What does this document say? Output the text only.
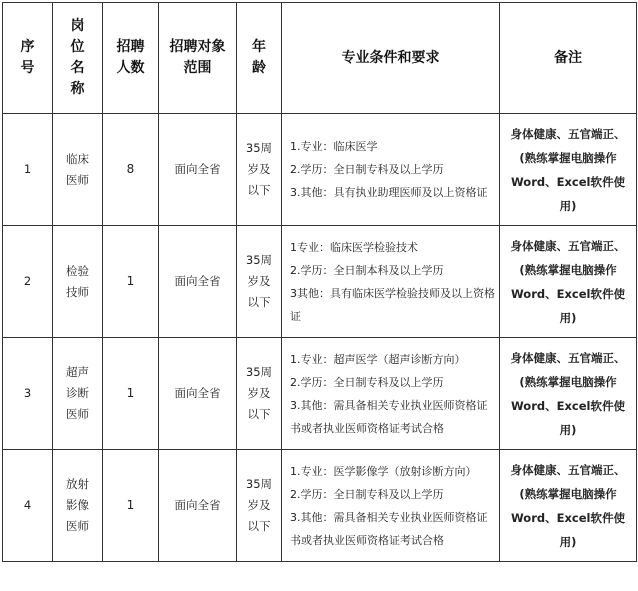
序号	岗位名称	招聘人数	招聘对象范围	年龄	专业条件和要求	备注
1	临床医师	8	面向全省	35周岁及以下	1.专业：临床医学
2.学历：全日制专科及以上学历
3.其他：具有执业助理医师及以上资格证	身体健康、五官端正、(熟练掌握电脑操作Word、Excel软件使用)
2	检验技师	1	面向全省	35周岁及以下	1专业：临床医学检验技术
2.学历：全日制本科及以上学历
3其他：具有临床医学检验技师及以上资格证	身体健康、五官端正、(熟练掌握电脑操作Word、Excel软件使用)
3	超声诊断医师	1	面向全省	35周岁及以下	1.专业：超声医学（超声诊断方向）
2.学历：全日制专科及以上学历
3.其他：需具备相关专业执业医师资格证书或者执业医师资格证考试合格	身体健康、五官端正、(熟练掌握电脑操作Word、Excel软件使用)
4	放射影像医师	1	面向全省	35周岁及以下	1.专业：医学影像学（放射诊断方向）
2.学历：全日制专科及以上学历
3.其他：需具备相关专业执业医师资格证书或者执业医师资格证考试合格	身体健康、五官端正、(熟练掌握电脑操作Word、Excel软件使用)
